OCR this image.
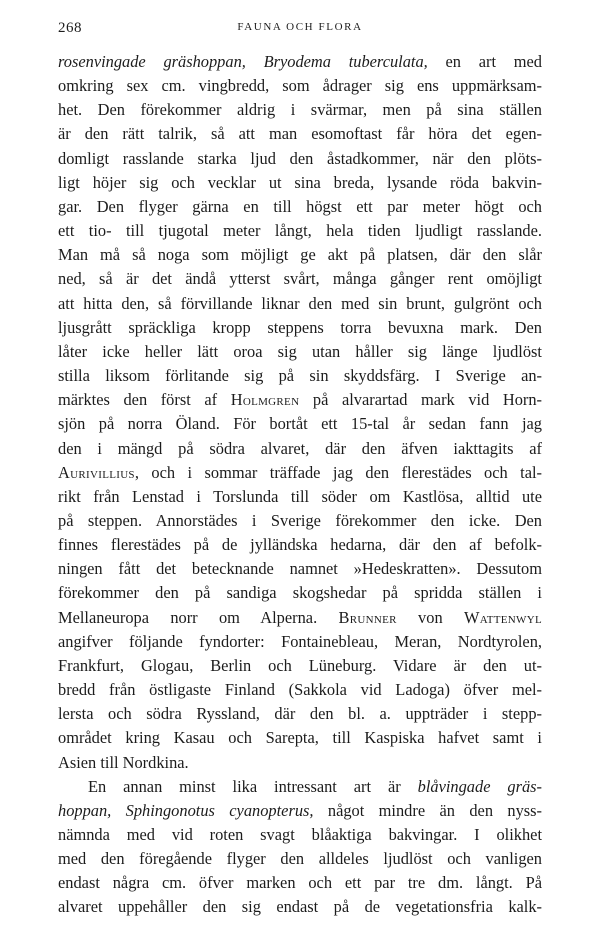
268	FAUNA OCH FLORA
rosenvingade gräshoppan, Bryodema tuberculata, en art med
omkring sex cm. vingbredd, som ådrager sig ens uppmärksam-
het. Den förekommer aldrig i svärmar, men på sina ställen
är den rätt talrik, så att man esomoftast får höra det egen-
domligt rasslande starka ljud den åstadkommer, när den plöts-
ligt höjer sig och vecklar ut sina breda, lysande röda bakvin-
gar. Den flyger gärna en till högst ett par meter högt och
ett tio- till tjugotal meter långt, hela tiden ljudligt rasslande.
Man må så noga som möjligt ge akt på platsen, där den slår
ned, så är det ändå ytterst svårt, många gånger rent omöjligt
att hitta den, så förvillande liknar den med sin brunt, gulgrönt och
ljusgrått spräckliga kropp steppens torra bevuxna mark. Den
låter icke heller lätt oroa sig utan håller sig länge ljudlöst
stilla liksom förlitande sig på sin skyddsfärg. I Sverige an-
märktes den först af Holmgren på alvarartad mark vid Horn-
sjön på norra Öland. För bortåt ett 15-tal år sedan fann jag
den i mängd på södra alvaret, där den äfven iakttagits af
Aurivillius, och i sommar träffade jag den flerestädes och tal-
rikt från Lenstad i Torslunda till söder om Kastlösa, alltid ute
på steppen. Annorstädes i Sverige förekommer den icke. Den
finnes flerestädes på de jylländska hedarna, där den af befolk-
ningen fått det betecknande namnet »Hedeskratten». Dessutom
förekommer den på sandiga skogshedar på spridda ställen i
Mellaneuropa norr om Alperna. Brunner von Wattenwyl
angifver följande fyndorter: Fontainebleau, Meran, Nordtyrolen,
Frankfurt, Glogau, Berlin och Lüneburg. Vidare är den ut-
bredd från östligaste Finland (Sakkola vid Ladoga) öfver mel-
lersta och södra Ryssland, där den bl. a. uppträder i stepp-
området kring Kasau och Sarepta, till Kaspiska hafvet samt i
Asien till Nordkina.
En annan minst lika intressant art är blåvingade gräs-
hoppan, Sphingonotus cyanopterus, något mindre än den nyss-
nämnda med vid roten svagt blåaktiga bakvingar. I olikhet
med den föregående flyger den alldeles ljudlöst och vanligen
endast några cm. öfver marken och ett par tre dm. långt. På
alvaret uppehåller den sig endast på de vegetationsfria kalk-
